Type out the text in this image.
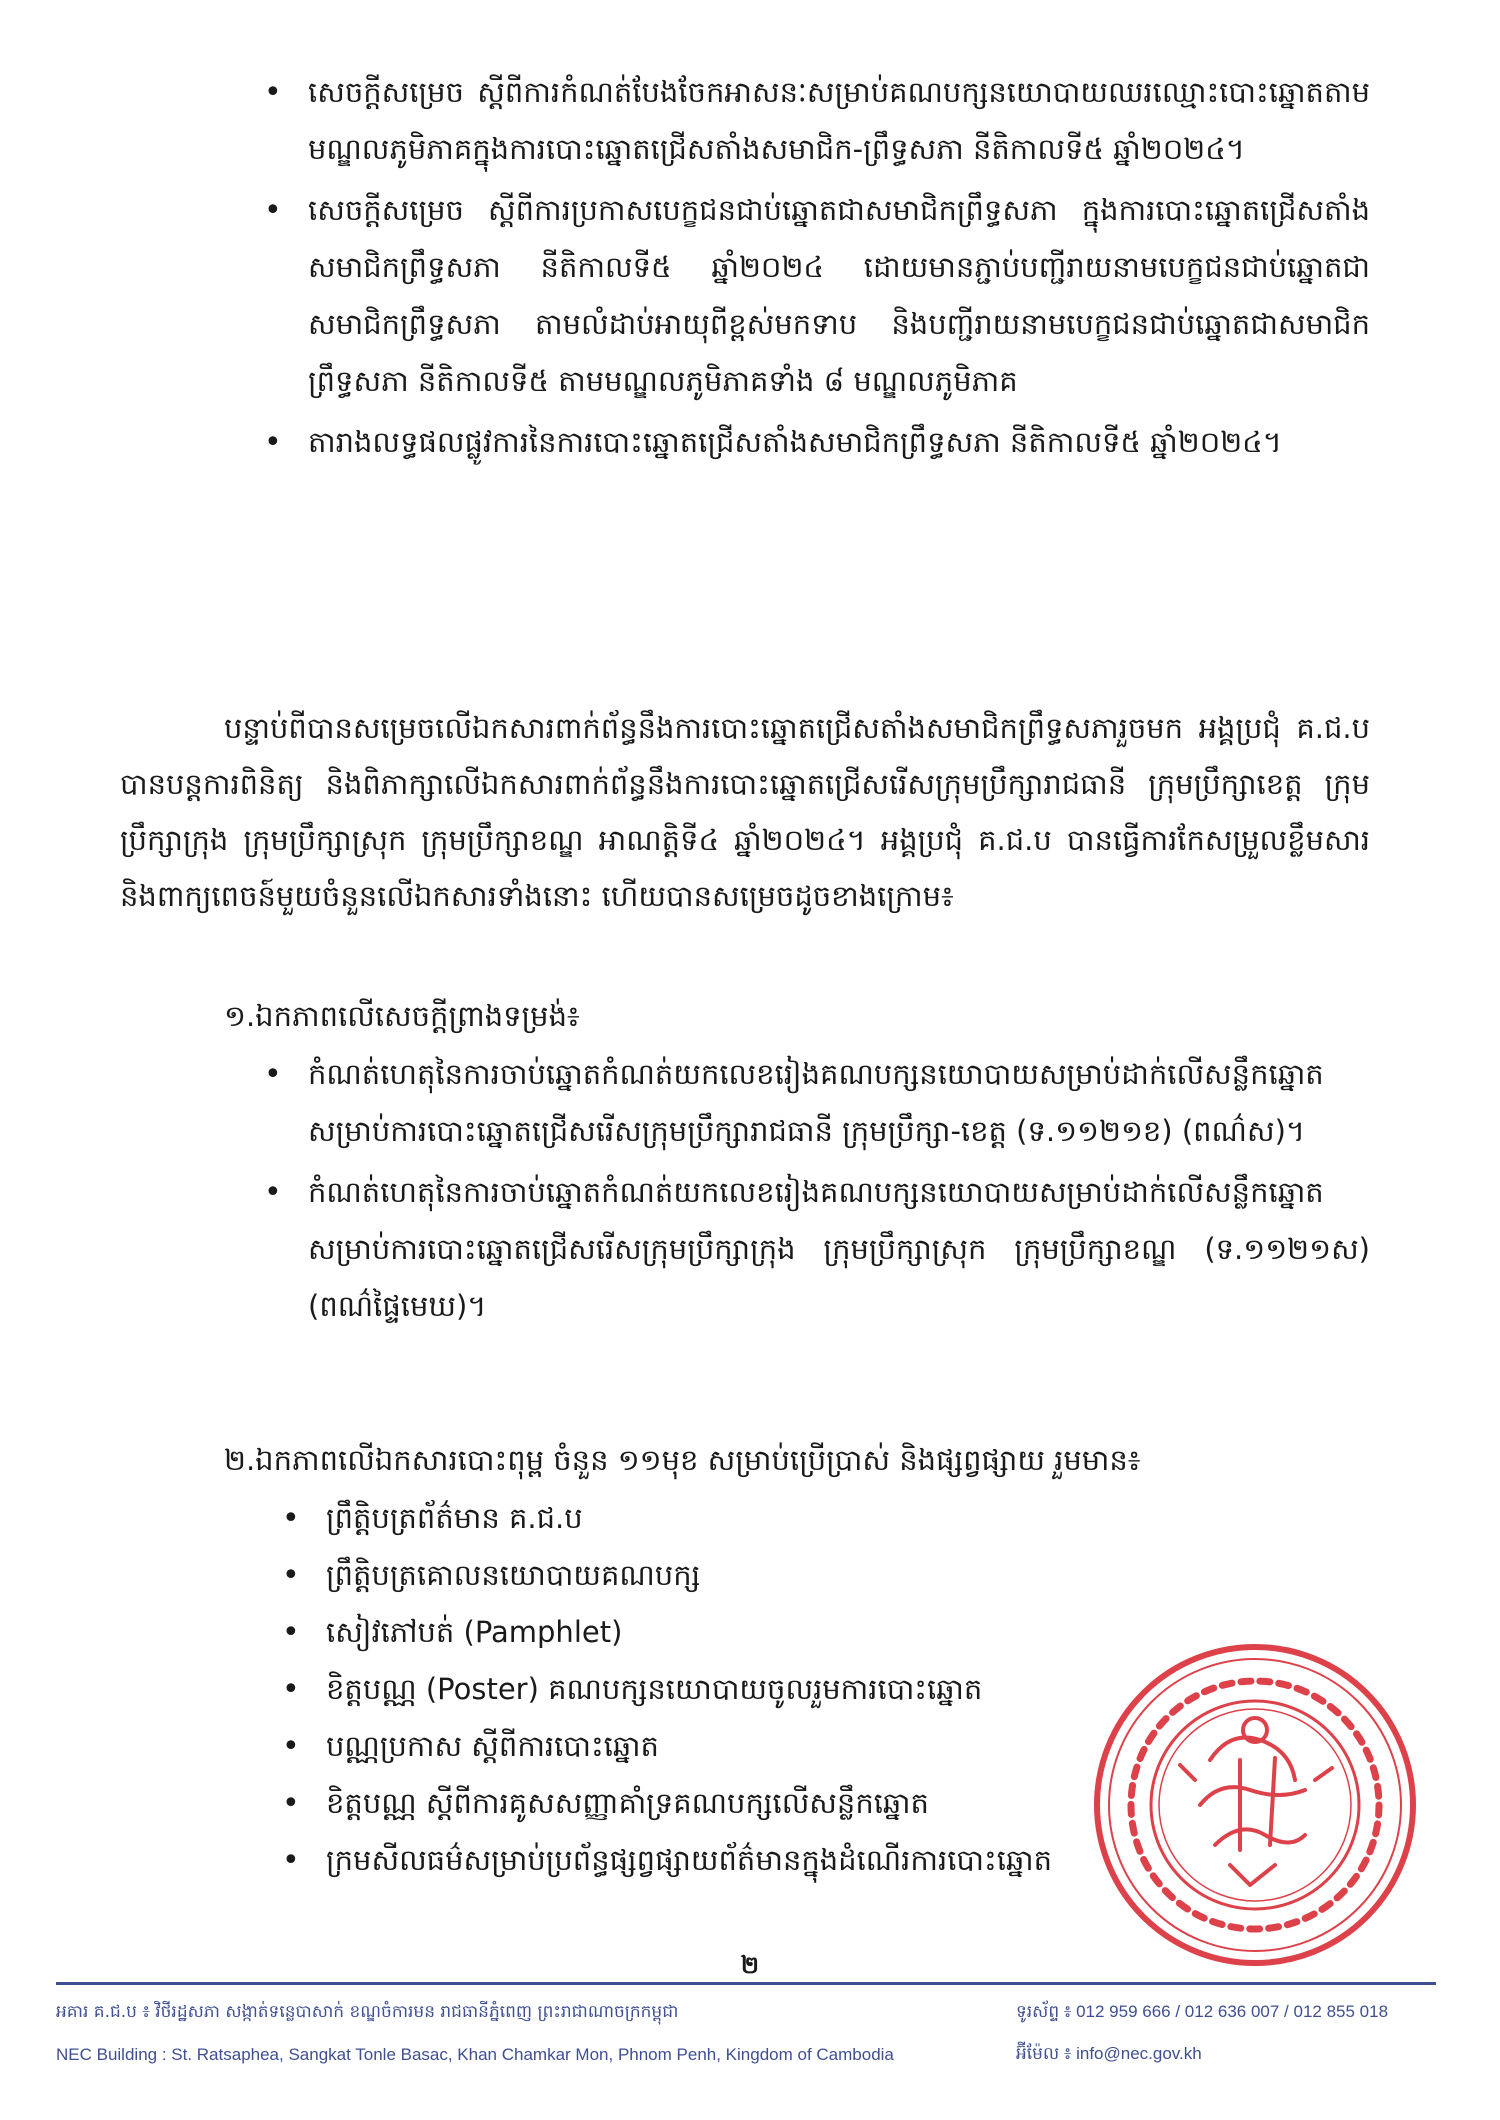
• សេចក្ដីសម្រេច ស្ដីពីការកំណត់បែងចែកអាសនៈសម្រាប់គណបក្សនយោបាយឈរឈ្មោះបោះឆ្នោតតាមមណ្ឌលភូមិភាគក្នុងការបោះឆ្នោតជ្រើសតាំងសមាជិក-ព្រឹទ្ធសភា នីតិកាលទី៥ ឆ្នាំ២០២៤។
• សេចក្ដីសម្រេច ស្ដីពីការប្រកាសបេក្ខជនជាប់ឆ្នោតជាសមាជិកព្រឹទ្ធសភា ក្នុងការបោះឆ្នោតជ្រើសតាំងសមាជិកព្រឹទ្ធសភា នីតិកាលទី៥ ឆ្នាំ២០២៤ ដោយមានភ្ជាប់បញ្ជីរាយនាមបេក្ខជនជាប់ឆ្នោតជាសមាជិកព្រឹទ្ធសភា តាមលំដាប់អាយុពីខ្ពស់មកទាប និងបញ្ជីរាយនាមបេក្ខជនជាប់ឆ្នោតជាសមាជិកព្រឹទ្ធសភា នីតិកាលទី៥ តាមមណ្ឌលភូមិភាគទាំង ៨ មណ្ឌលភូមិភាគ
• តារាងលទ្ធផលផ្លូវការនៃការបោះឆ្នោតជ្រើសតាំងសមាជិកព្រឹទ្ធសភា នីតិកាលទី៥ ឆ្នាំ២០២៤។

បន្ទាប់ពីបានសម្រេចលើឯកសារពាក់ព័ន្ធនឹងការបោះឆ្នោតជ្រើសតាំងសមាជិកព្រឹទ្ធសភារួចមក អង្គប្រជុំ គ.ជ.ប បានបន្តការពិនិត្យ និងពិភាក្សាលើឯកសារពាក់ព័ន្ធនឹងការបោះឆ្នោតជ្រើសរើសក្រុមប្រឹក្សារាជធានី ក្រុមប្រឹក្សាខេត្ត ក្រុមប្រឹក្សាក្រុង ក្រុមប្រឹក្សាស្រុក ក្រុមប្រឹក្សាខណ្ឌ អាណត្តិទី៤ ឆ្នាំ២០២៤។ អង្គប្រជុំ គ.ជ.ប បានធ្វើការកែសម្រួលខ្លឹមសារ និងពាក្យពេចន៍មួយចំនួនលើឯកសារទាំងនោះ ហើយបានសម្រេចដូចខាងក្រោម៖

១.ឯកភាពលើសេចក្ដីព្រាងទម្រង់៖

• កំណត់ហេតុនៃការចាប់ឆ្នោតកំណត់យកលេខរៀងគណបក្សនយោបាយសម្រាប់ដាក់លើសន្លឹកឆ្នោត សម្រាប់ការបោះឆ្នោតជ្រើសរើសក្រុមប្រឹក្សារាជធានី ក្រុមប្រឹក្សា-ខេត្ត (ទ.១១២១ខ) (ពណ៌ស)។
• កំណត់ហេតុនៃការចាប់ឆ្នោតកំណត់យកលេខរៀងគណបក្សនយោបាយសម្រាប់ដាក់លើសន្លឹកឆ្នោត សម្រាប់ការបោះឆ្នោតជ្រើសរើសក្រុមប្រឹក្សាក្រុង ក្រុមប្រឹក្សាស្រុក ក្រុមប្រឹក្សាខណ្ឌ (ទ.១១២១ស) (ពណ៌ផ្ទៃមេឃ)។

២.ឯកភាពលើឯកសារបោះពុម្ព ចំនួន ១១មុខ សម្រាប់ប្រើប្រាស់ និងផ្សព្វផ្សាយ រួមមាន៖

• ព្រឹត្តិបត្រព័ត៌មាន គ.ជ.ប
• ព្រឹត្តិបត្រគោលនយោបាយគណបក្ស
• សៀវភៅបត់ (Pamphlet)
• ខិត្តបណ្ណ (Poster) គណបក្សនយោបាយចូលរួមការបោះឆ្នោត
• បណ្ណប្រកាស ស្ដីពីការបោះឆ្នោត
• ខិត្តបណ្ណ ស្ដីពីការគូសសញ្ញាគាំទ្រគណបក្សលើសន្លឹកឆ្នោត
• ក្រមសីលធម៌សម្រាប់ប្រព័ន្ធផ្សព្វផ្សាយព័ត៌មានក្នុងដំណើរការបោះឆ្នោត
២
អគារ គ.ជ.ប ៖ វិថីរដ្ឋសភា សង្កាត់ទន្លេបាសាក់ ខណ្ឌចំការមន រាជធានីភ្នំពេញ ព្រះរាជាណាចក្រកម្ពុជា	ទូរស័ព្ទ ៖ 012 959 666 / 012 636 007 / 012 855 018
NEC Building : St. Ratsaphea, Sangkat Tonle Basac, Khan Chamkar Mon, Phnom Penh, Kingdom of Cambodia	អ៊ីម៉ែល ៖ info@nec.gov.kh
